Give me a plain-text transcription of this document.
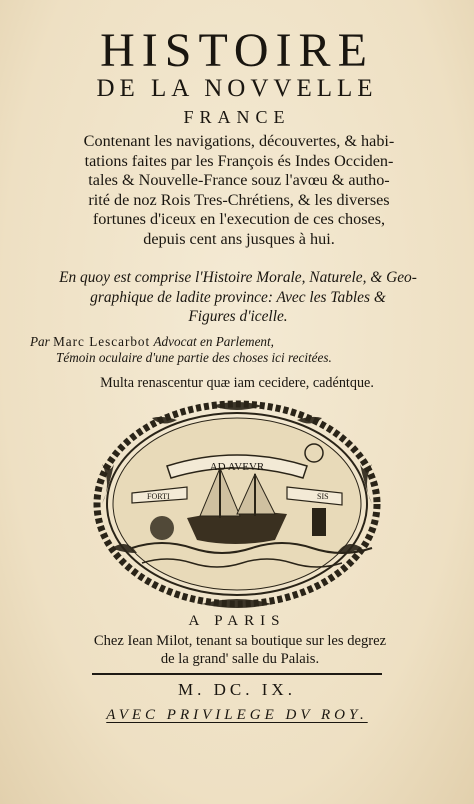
HISTOIRE
DE LA NOVVELLE
FRANCE
Contenant les navigations, découvertes, & habi-
tations faites par les François és Indes Occiden-
tales & Nouvelle-France souz l'avœu & autho-
rité de noz Rois Tres-Chrétiens, & les diverses
fortunes d'iceux en l'execution de ces choses,
depuis cent ans jusques à hui.
En quoy est comprise l'Histoire Morale, Naturele, & Geo-
graphique de ladite province: Avec les Tables &
Figures d'icelle.
Par Marc Lescarbot Advocat en Parlement,
Témoin oculaire d'une partie des choses ici recitées.
Multa renascentur quæ iam cecidere, cadéntque.
AD AVEVR
FORTI	SIS
A PARIS
Chez Iean Milot, tenant sa boutique sur les degrez
de la grand' salle du Palais.
M. DC. IX.
AVEC PRIVILEGE DV ROY.
